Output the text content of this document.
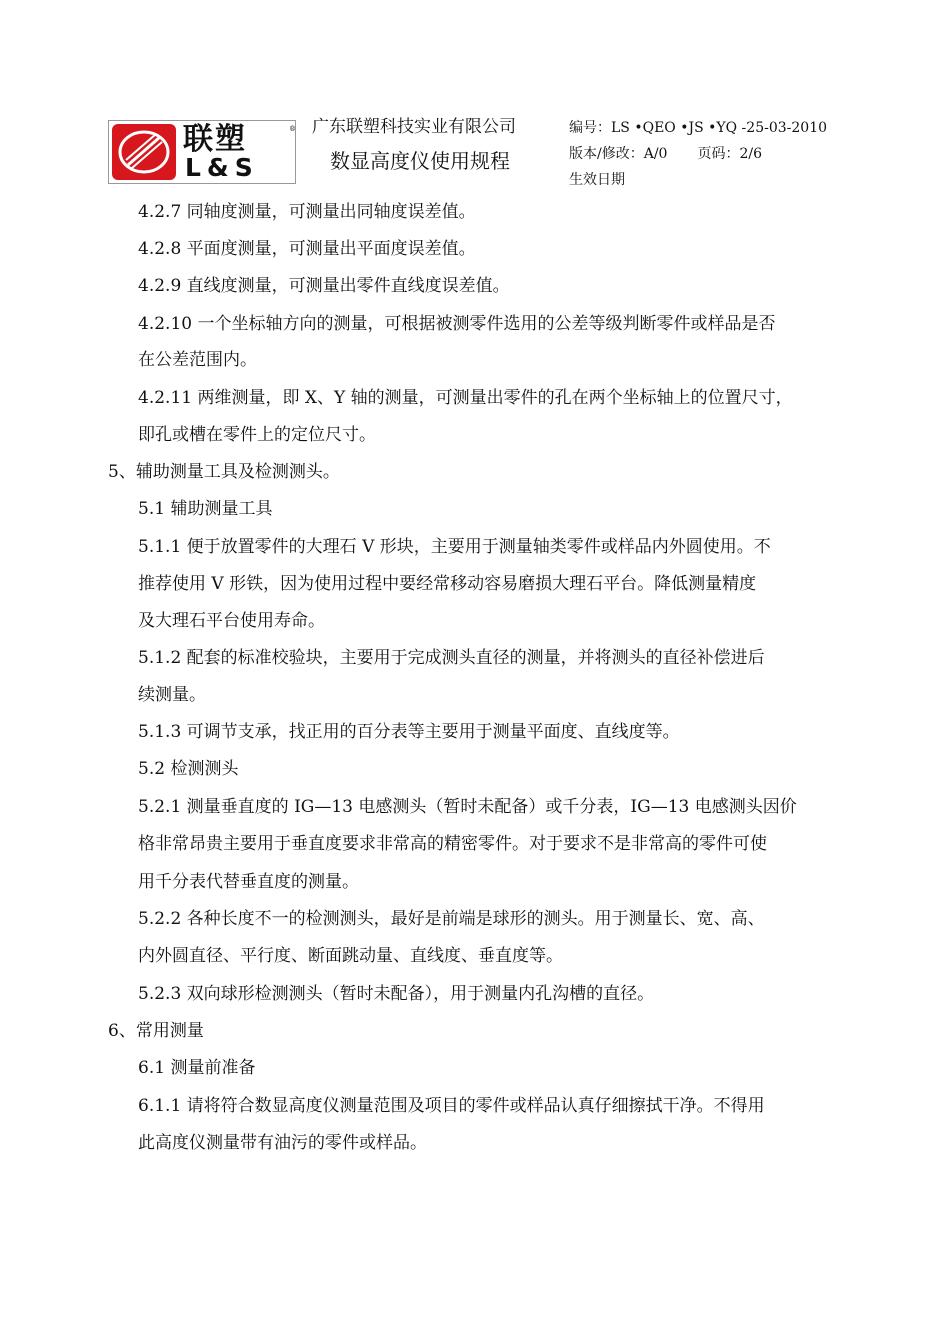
联塑
L&S
® 广东联塑科技实业有限公司
数显高度仪使用规程
编号：LS •QEO •JS •YQ -25-03-2010
版本/修改：A/0 页码：2/6
生效日期
4.2.7 同轴度测量，可测量出同轴度误差值。
4.2.8 平面度测量，可测量出平面度误差值。
4.2.9 直线度测量，可测量出零件直线度误差值。
4.2.10 一个坐标轴方向的测量，可根据被测零件选用的公差等级判断零件或样品是否
在公差范围内。
4.2.11 两维测量，即 X、Y 轴的测量，可测量出零件的孔在两个坐标轴上的位置尺寸，
即孔或槽在零件上的定位尺寸。
5、辅助测量工具及检测测头。
5.1 辅助测量工具
5.1.1 便于放置零件的大理石 V 形块，主要用于测量轴类零件或样品内外圆使用。不
推荐使用 V 形铁，因为使用过程中要经常移动容易磨损大理石平台。降低测量精度
及大理石平台使用寿命。
5.1.2 配套的标准校验块，主要用于完成测头直径的测量，并将测头的直径补偿进后
续测量。
5.1.3 可调节支承，找正用的百分表等主要用于测量平面度、直线度等。
5.2 检测测头
5.2.1 测量垂直度的 IG—13 电感测头（暂时未配备）或千分表，IG—13 电感测头因价
格非常昂贵主要用于垂直度要求非常高的精密零件。对于要求不是非常高的零件可使
用千分表代替垂直度的测量。
5.2.2 各种长度不一的检测测头，最好是前端是球形的测头。用于测量长、宽、高、
内外圆直径、平行度、断面跳动量、直线度、垂直度等。
5.2.3 双向球形检测测头（暂时未配备），用于测量内孔沟槽的直径。
6、常用测量
6.1 测量前准备
6.1.1 请将符合数显高度仪测量范围及项目的零件或样品认真仔细擦拭干净。不得用
此高度仪测量带有油污的零件或样品。
